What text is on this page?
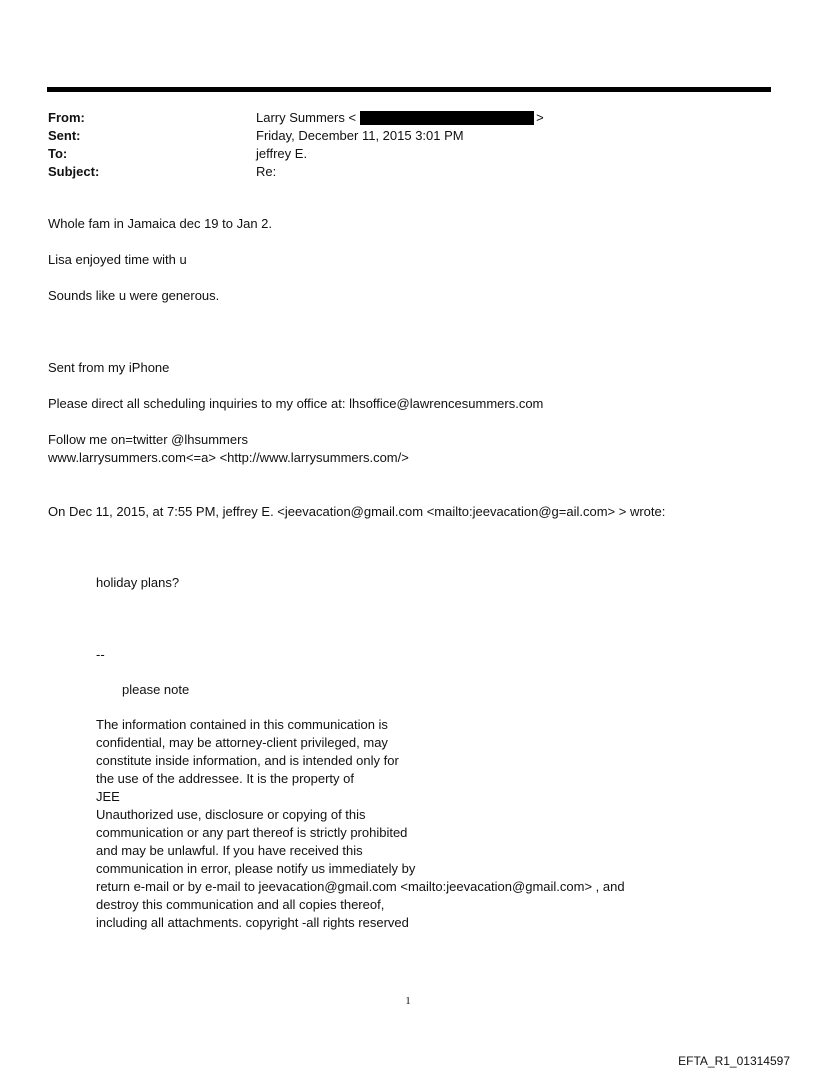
From:	Larry Summers <	>
Sent:	Friday, December 11, 2015 3:01 PM
To:	jeffrey E.
Subject:	Re:
Whole fam in Jamaica dec 19 to Jan 2.
Lisa enjoyed time with u
Sounds like u were generous.
Sent from my iPhone
Please direct all scheduling inquiries to my office at: lhsoffice@lawrencesummers.com
Follow me on=twitter @lhsummers
www.larrysummers.com<=a> <http://www.larrysummers.com/>
On Dec 11, 2015, at 7:55 PM, jeffrey E. <jeevacation@gmail.com <mailto:jeevacation@g=ail.com> > wrote:
holiday plans?
--
please note
The information contained in this communication is
confidential, may be attorney-client privileged, may
constitute inside information, and is intended only for
the use of the addressee. It is the property of
JEE
Unauthorized use, disclosure or copying of this
communication or any part thereof is strictly prohibited
and may be unlawful. If you have received this
communication in error, please notify us immediately by
return e-mail or by e-mail to jeevacation@gmail.com <mailto:jeevacation@gmail.com> , and
destroy this communication and all copies thereof,
including all attachments. copyright -all rights reserved
1
EFTA_R1_01314597
